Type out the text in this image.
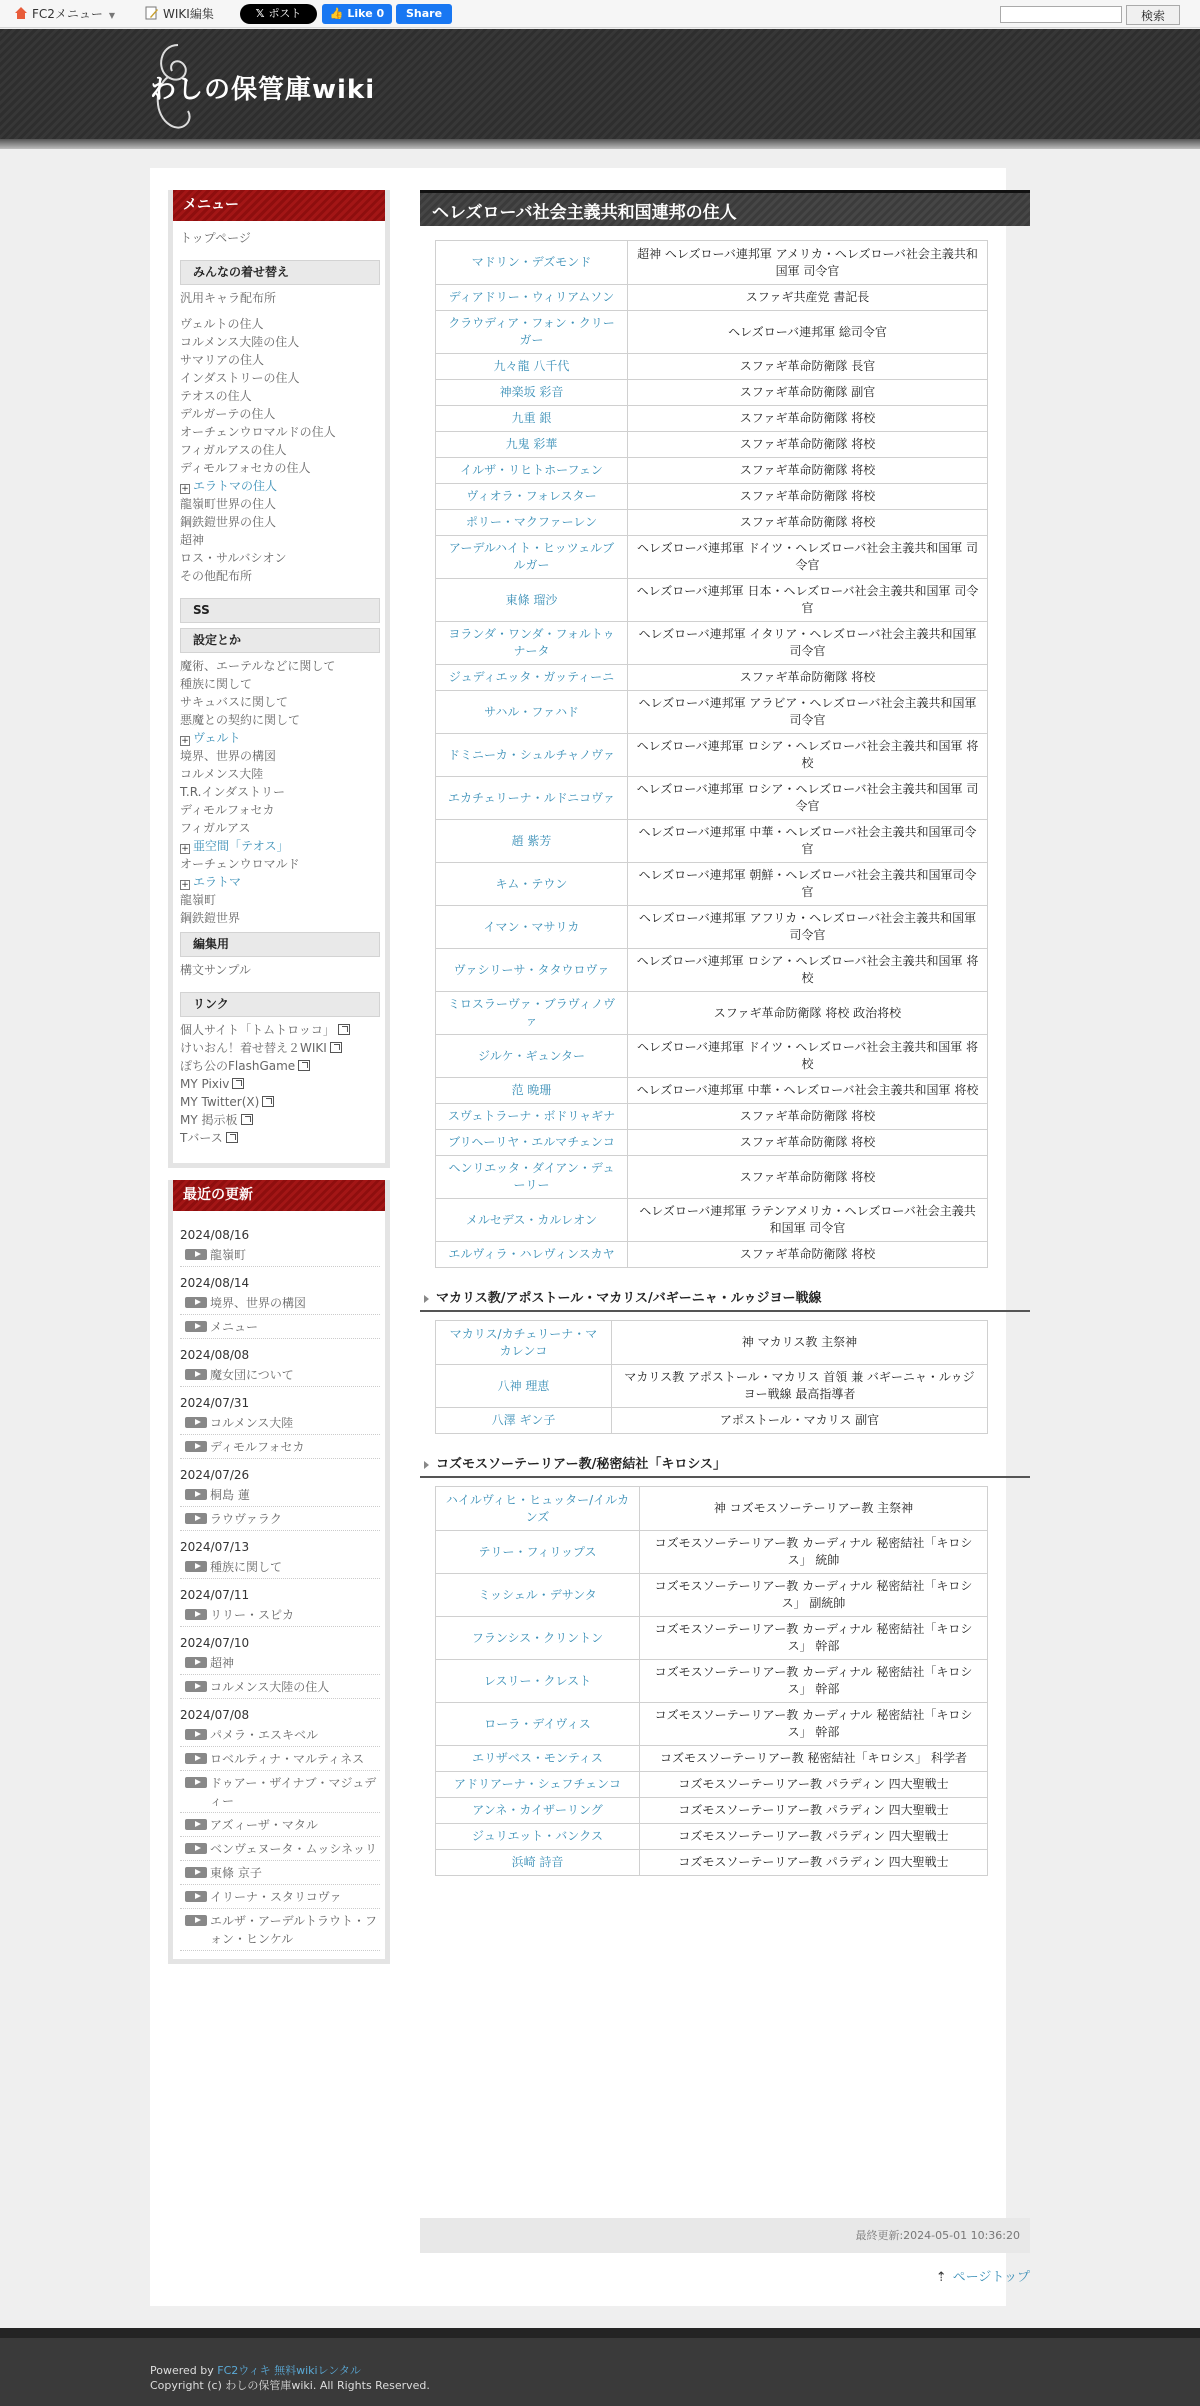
FC2メニュー ▼	WIKI編集	𝕏 ポスト	👍 Like 0	Share	検索
わしの保管庫wiki
メニュー
トップページ
みんなの着せ替え
汎用キャラ配布所
ヴェルトの住人
コルメンス大陸の住人
サマリアの住人
インダストリーの住人
テオスの住人
デルガーテの住人
オーチェンウロマルドの住人
フィガルアスの住人
ディモルフォセカの住人
+ エラトマの住人
龍嶺町世界の住人
鋼鉄鎧世界の住人
超神
ロス・サルバシオン
その他配布所
SS
設定とか
魔術、エーテルなどに関して
種族に関して
サキュバスに関して
悪魔との契約に関して
+ ヴェルト
境界、世界の構図
コルメンス大陸
T.R.インダストリー
ディモルフォセカ
フィガルアス
+ 亜空間「テオス」
オーチェンウロマルド
+ エラトマ
龍嶺町
鋼鉄鎧世界
編集用
構文サンプル
リンク
個人サイト「トムトロッコ」
けいおん！着せ替え２WIKI
ぽち公のFlashGame
MY Pixiv
MY Twitter(X)
MY 掲示板
Tバース
最近の更新
2024/08/16
龍嶺町
2024/08/14
境界、世界の構図
メニュー
2024/08/08
魔女団について
2024/07/31
コルメンス大陸
ディモルフォセカ
2024/07/26
桐島 蓮
ラウヴァラク
2024/07/13
種族に関して
2024/07/11
リリー・スピカ
2024/07/10
超神
コルメンス大陸の住人
2024/07/08
パメラ・エスキベル
ロベルティナ・マルティネス
ドゥアー・ザイナブ・マジュディー
アズィーザ・マタル
ベンヴェヌータ・ムッシネッリ
東條 京子
イリーナ・スタリコヴァ
エルザ・アーデルトラウト・フォン・ヒンケル
ヘレズローバ社会主義共和国連邦の住人
マドリン・デズモンド	超神 ヘレズローバ連邦軍 アメリカ・ヘレズローバ社会主義共和国軍 司令官
ディアドリー・ウィリアムソン	スファギ共産党 書記長
クラウディア・フォン・クリーガー	ヘレズローバ連邦軍 総司令官
九々龍 八千代	スファギ革命防衛隊 長官
神楽坂 彩音	スファギ革命防衛隊 副官
九重 銀	スファギ革命防衛隊 将校
九鬼 彩華	スファギ革命防衛隊 将校
イルザ・リヒトホーフェン	スファギ革命防衛隊 将校
ヴィオラ・フォレスター	スファギ革命防衛隊 将校
ポリー・マクファーレン	スファギ革命防衛隊 将校
アーデルハイト・ヒッツェルブルガー	ヘレズローバ連邦軍 ドイツ・ヘレズローバ社会主義共和国軍 司令官
東條 瑠沙	ヘレズローバ連邦軍 日本・ヘレズローバ社会主義共和国軍 司令官
ヨランダ・ワンダ・フォルトゥナータ	ヘレズローバ連邦軍 イタリア・ヘレズローバ社会主義共和国軍 司令官
ジュディエッタ・ガッティーニ	スファギ革命防衛隊 将校
サハル・ファハド	ヘレズローバ連邦軍 アラビア・ヘレズローバ社会主義共和国軍 司令官
ドミニーカ・シュルチャノヴァ	ヘレズローバ連邦軍 ロシア・ヘレズローバ社会主義共和国軍 将校
エカチェリーナ・ルドニコヴァ	ヘレズローバ連邦軍 ロシア・ヘレズローバ社会主義共和国軍 司令官
趙 紫芳	ヘレズローバ連邦軍 中華・ヘレズローバ社会主義共和国軍司令官
キム・テウン	ヘレズローバ連邦軍 朝鮮・ヘレズローバ社会主義共和国軍司令官
イマン・マサリカ	ヘレズローバ連邦軍 アフリカ・ヘレズローバ社会主義共和国軍 司令官
ヴァシリーサ・タタウロヴァ	ヘレズローバ連邦軍 ロシア・ヘレズローバ社会主義共和国軍 将校
ミロスラーヴァ・ブラヴィノヴァ	スファギ革命防衛隊 将校 政治将校
ジルケ・ギュンター	ヘレズローバ連邦軍 ドイツ・ヘレズローバ社会主義共和国軍 将校
范 晩珊	ヘレズローバ連邦軍 中華・ヘレズローバ社会主義共和国軍 将校
スヴェトラーナ・ボドリャギナ	スファギ革命防衛隊 将校
ブリヘーリヤ・エルマチェンコ	スファギ革命防衛隊 将校
ヘンリエッタ・ダイアン・デューリー	スファギ革命防衛隊 将校
メルセデス・カルレオン	ヘレズローバ連邦軍 ラテンアメリカ・ヘレズローバ社会主義共和国軍 司令官
エルヴィラ・ハレヴィンスカヤ	スファギ革命防衛隊 将校
マカリス教/アポストール・マカリス/バギーニャ・ルゥジヨー戦線
マカリス/カチェリーナ・マカレンコ	神 マカリス教 主祭神
八神 理恵	マカリス教 アポストール・マカリス 首領 兼 バギーニャ・ルゥジヨー戦線 最高指導者
八澤 ギン子	アポストール・マカリス 副官
コズモスソーテーリアー教/秘密結社「キロシス」
ハイルヴィヒ・ヒュッター/イルカンズ	神 コズモスソーテーリアー教 主祭神
テリー・フィリップス	コズモスソーテーリアー教 カーディナル 秘密結社「キロシス」 統帥
ミッシェル・デサンタ	コズモスソーテーリアー教 カーディナル 秘密結社「キロシス」 副統帥
フランシス・クリントン	コズモスソーテーリアー教 カーディナル 秘密結社「キロシス」 幹部
レスリー・クレスト	コズモスソーテーリアー教 カーディナル 秘密結社「キロシス」 幹部
ローラ・デイヴィス	コズモスソーテーリアー教 カーディナル 秘密結社「キロシス」 幹部
エリザベス・モンティス	コズモスソーテーリアー教 秘密結社「キロシス」 科学者
アドリアーナ・シェフチェンコ	コズモスソーテーリアー教 パラディン 四大聖戦士
アンネ・カイザーリング	コズモスソーテーリアー教 パラディン 四大聖戦士
ジュリエット・バンクス	コズモスソーテーリアー教 パラディン 四大聖戦士
浜崎 詩音	コズモスソーテーリアー教 パラディン 四大聖戦士
最終更新:2024-05-01 10:36:20
⇡ ページトップ
Powered by FC2ウィキ 無料wikiレンタル
Copyright (c) わしの保管庫wiki. All Rights Reserved.
